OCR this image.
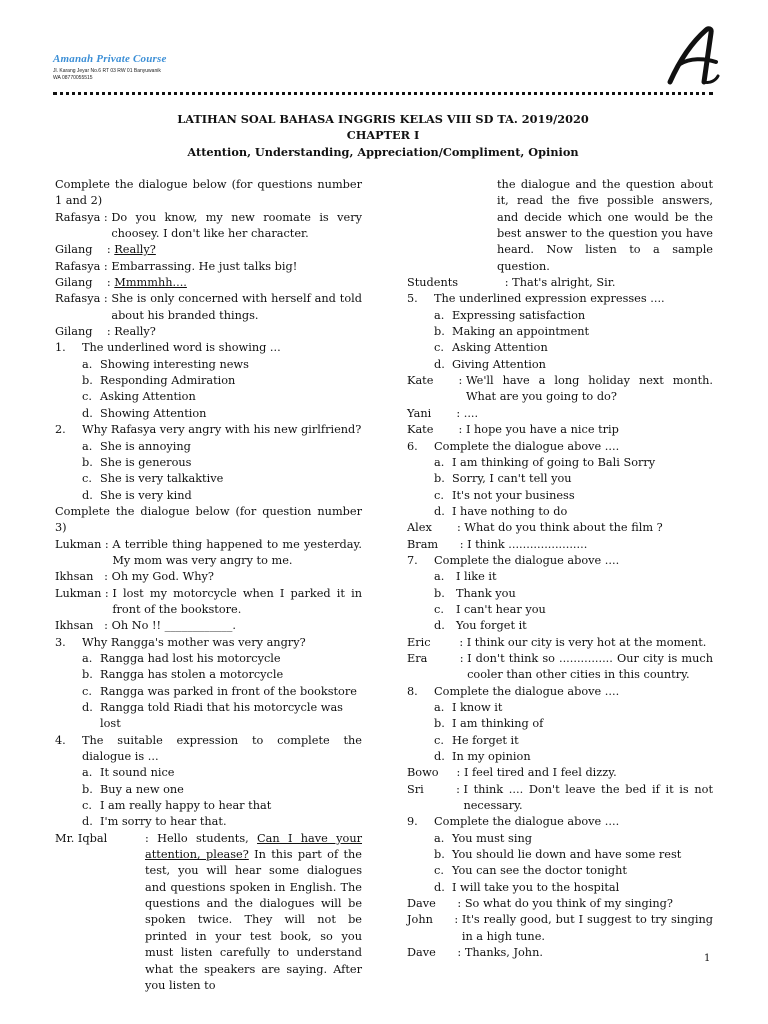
Amanah Private Course
Jl. Karang Jeyar No.6 RT 03 RW 01 Banyuwanik
WA 08770055515
LATIHAN SOAL BAHASA INGGRIS KELAS VIII SD TA. 2019/2020
CHAPTER I
Attention, Understanding, Appreciation/Compliment, Opinion

Complete the dialogue below (for questions number 1 and 2)

Rafasya : Do you know, my new roomate is very choosey. I don't like her character.
Gilang    : Really?
Rafasya : Embarrassing. He just talks big!
Gilang    : Mmmmhh....
Rafasya : She is only concerned with herself and told about his branded things.
Gilang    : Really?
1.	The underlined word is showing ...
a. Showing interesting news
b. Responding Admiration
c. Asking Attention
d. Showing Attention
2.	Why Rafasya very angry with his new girlfriend?
a. She is annoying
b. She is generous
c. She is very talkaktive
d. She is very kind

Complete the dialogue below (for question number 3)

Lukman : A terrible thing happened to me yesterday. My mom was very angry to me.
Ikhsan   : Oh my God. Why?
Lukman : I lost my motorcycle when I parked it in front of the bookstore.
Ikhsan   : Oh No !! ____________.
3.	Why Rangga's mother was very angry?
a. Rangga had lost his motorcycle
b. Rangga has stolen a motorcycle
c. Rangga was parked in front of the bookstore
d. Rangga told Riadi that his motorcycle was lost
4.	The suitable expression to complete the dialogue is ...
a. It sound nice
b. Buy a new one
c. I am really happy to hear that
d. I'm sorry to hear that.
Mr. Iqbal	: Hello students, Can I have your attention, please? In this part of the test, you will hear some dialogues and questions spoken in English. The questions and the dialogues will be spoken twice. They will not be printed in your test book, so you must listen carefully to understand what the speakers are saying. After you listen to
the dialogue and the question about it, read the five possible answers, and decide which one would be the best answer to the question you have heard. Now listen to a sample question.
Students : That's alright, Sir.
5.	The underlined expression expresses ....
a. Expressing satisfaction
b. Making an appointment
c. Asking Attention
d. Giving Attention
Kate       : We'll have a long holiday next month. What are you going to do?
Yani       : ....
Kate       : I hope you have a nice trip
6.	Complete the dialogue above ....
a. I am thinking of going to Bali Sorry
b. Sorry, I can't tell you
c. It's not your business
d. I have nothing to do
Alex       : What do you think about the film ?
Bram      : I think ......................
7.	Complete the dialogue above ....
a.	I like it
b. Thank you
c.	I can't hear you
d. You forget it
Eric        : I think our city is very hot at the moment.
Era         : I don't think so ............... Our city is much cooler than other cities in this country.
8.	Complete the dialogue above ....
a. I know it
b. I am thinking of
c. He forget it
d. In my opinion
Bowo     : I feel tired and I feel dizzy.
Sri         : I think .... Don't leave the bed if it is not necessary.
9.	Complete the dialogue above ....
a. You must sing
b. You should lie down and have some rest
c. You can see the doctor tonight
d. I will take you to the hospital
Dave      : So what do you think of my singing?
John      : It's really good, but I suggest to try singing in a high tune.
Dave      : Thanks, John.	1
